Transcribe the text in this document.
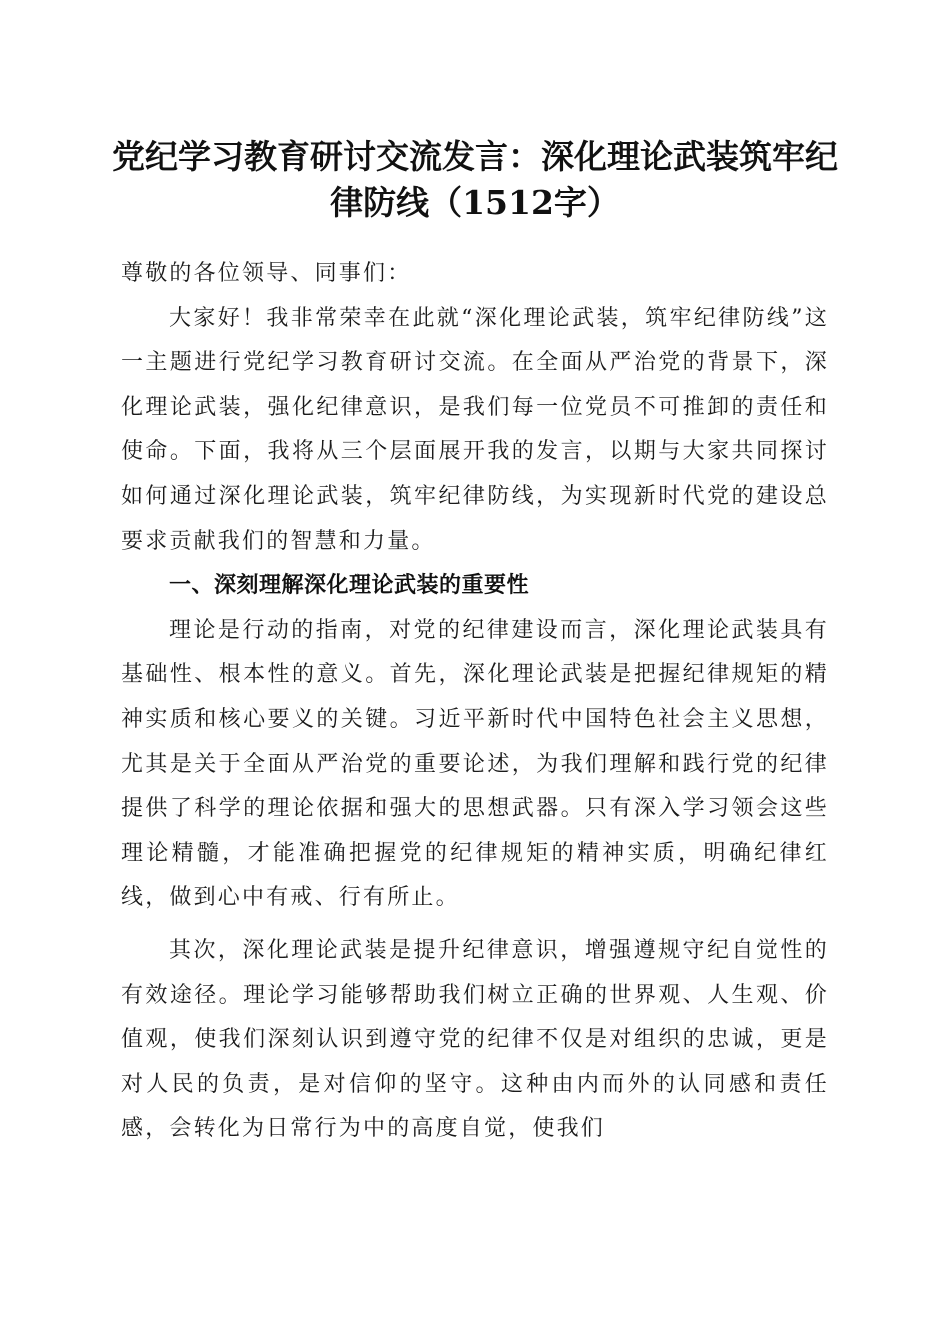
党纪学习教育研讨交流发言：深化理论武装筑牢纪律防线（1512字）

尊敬的各位领导、同事们：

大家好！我非常荣幸在此就“深化理论武装，筑牢纪律防线”这一主题进行党纪学习教育研讨交流。在全面从严治党的背景下，深化理论武装，强化纪律意识，是我们每一位党员不可推卸的责任和使命。下面，我将从三个层面展开我的发言，以期与大家共同探讨如何通过深化理论武装，筑牢纪律防线，为实现新时代党的建设总要求贡献我们的智慧和力量。

一、深刻理解深化理论武装的重要性

理论是行动的指南，对党的纪律建设而言，深化理论武装具有基础性、根本性的意义。首先，深化理论武装是把握纪律规矩的精神实质和核心要义的关键。习近平新时代中国特色社会主义思想，尤其是关于全面从严治党的重要论述，为我们理解和践行党的纪律提供了科学的理论依据和强大的思想武器。只有深入学习领会这些理论精髓，才能准确把握党的纪律规矩的精神实质，明确纪律红线，做到心中有戒、行有所止。

其次，深化理论武装是提升纪律意识，增强遵规守纪自觉性的有效途径。理论学习能够帮助我们树立正确的世界观、人生观、价值观，使我们深刻认识到遵守党的纪律不仅是对组织的忠诚，更是对人民的负责，是对信仰的坚守。这种由内而外的认同感和责任感，会转化为日常行为中的高度自觉，使我们
